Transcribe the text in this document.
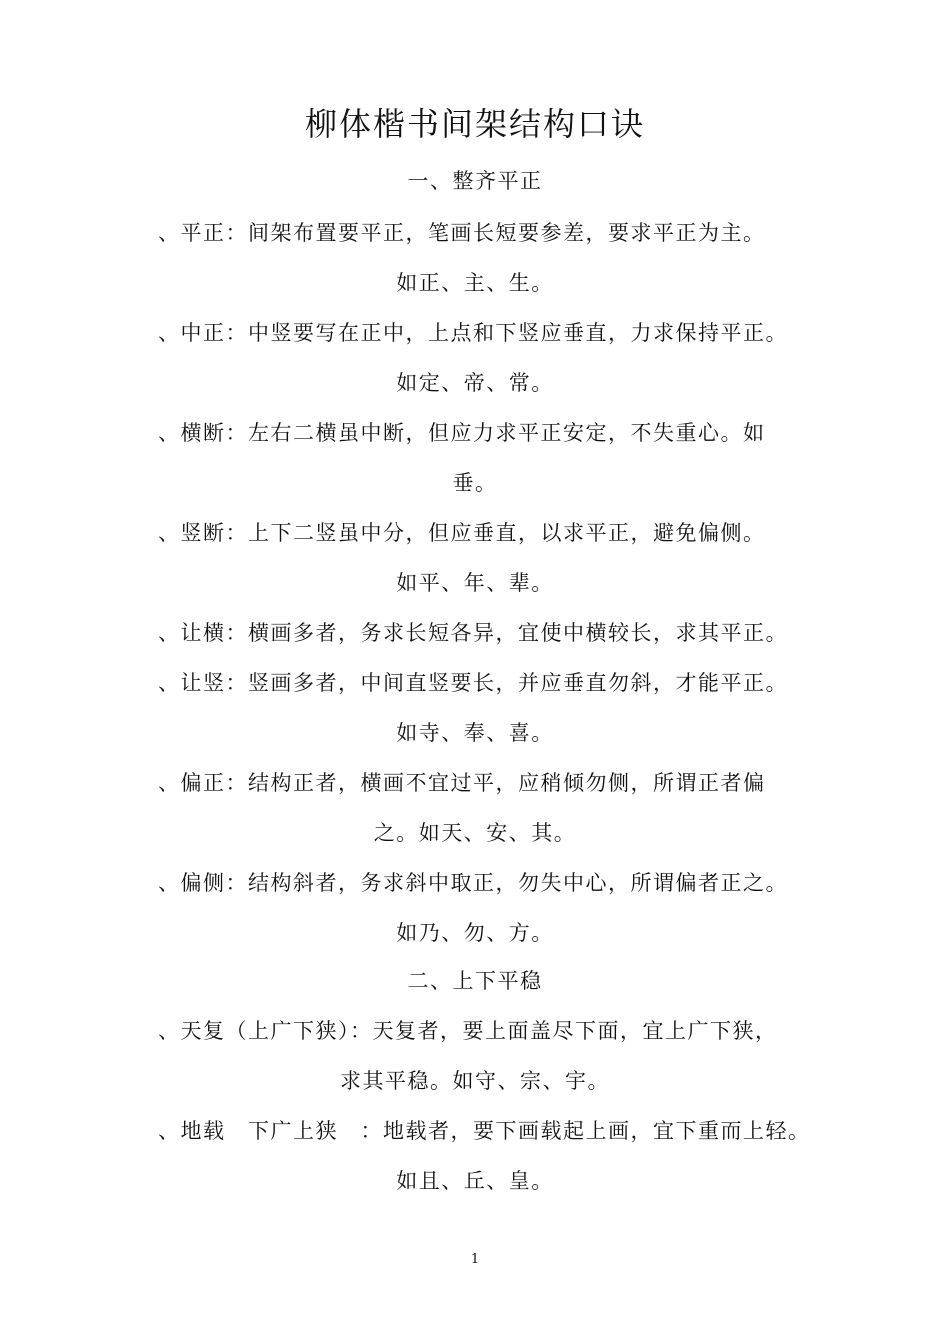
柳体楷书间架结构口诀
一、整齐平正
、平正：间架布置要平正，笔画长短要参差，要求平正为主。
如正、主、生。
、中正：中竖要写在正中，上点和下竖应垂直，力求保持平正。
如定、帝、常。
、横断：左右二横虽中断，但应力求平正安定，不失重心。如
垂。
、竖断：上下二竖虽中分，但应垂直，以求平正，避免偏侧。
如平、年、辈。
、让横：横画多者，务求长短各异，宜使中横较长，求其平正。
、让竖：竖画多者，中间直竖要长，并应垂直勿斜，才能平正。
如寺、奉、喜。
、偏正：结构正者，横画不宜过平，应稍倾勿侧，所谓正者偏
之。如天、安、其。
、偏侧：结构斜者，务求斜中取正，勿失中心，所谓偏者正之。
如乃、勿、方。
二、上下平稳
、天复（上广下狭）：天复者，要上面盖尽下面，宜上广下狭，
求其平稳。如守、宗、宇。
、地载　下广上狭　：地载者，要下画载起上画，宜下重而上轻。
如且、丘、皇。
1
